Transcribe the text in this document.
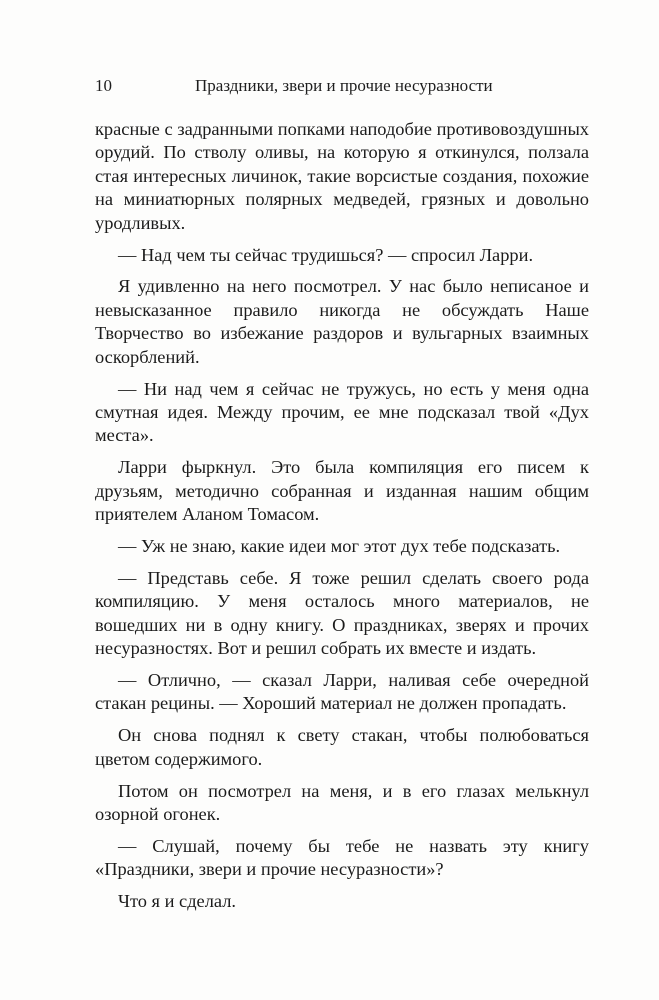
10	Праздники, звери и прочие несуразности

красные с задранными попками наподобие противовоздушных орудий. По стволу оливы, на которую я откинулся, ползала стая интересных личинок, такие ворсистые создания, похожие на миниатюрных полярных медведей, грязных и довольно уродливых.

— Над чем ты сейчас трудишься? — спросил Ларри.

Я удивленно на него посмотрел. У нас было неписаное и невысказанное правило никогда не обсуждать Наше Творчество во избежание раздоров и вульгарных взаимных оскорблений.

— Ни над чем я сейчас не тружусь, но есть у меня одна смутная идея. Между прочим, ее мне подсказал твой «Дух места».

Ларри фыркнул. Это была компиляция его писем к друзьям, методично собранная и изданная нашим общим приятелем Аланом Томасом.

— Уж не знаю, какие идеи мог этот дух тебе подсказать.

— Представь себе. Я тоже решил сделать своего рода компиляцию. У меня осталось много материалов, не вошедших ни в одну книгу. О праздниках, зверях и прочих несуразностях. Вот и решил собрать их вместе и издать.

— Отлично, — сказал Ларри, наливая себе очередной стакан рецины. — Хороший материал не должен пропадать.

Он снова поднял к свету стакан, чтобы полюбоваться цветом содержимого.

Потом он посмотрел на меня, и в его глазах мелькнул озорной огонек.

— Слушай, почему бы тебе не назвать эту книгу «Праздники, звери и прочие несуразности»?

Что я и сделал.
